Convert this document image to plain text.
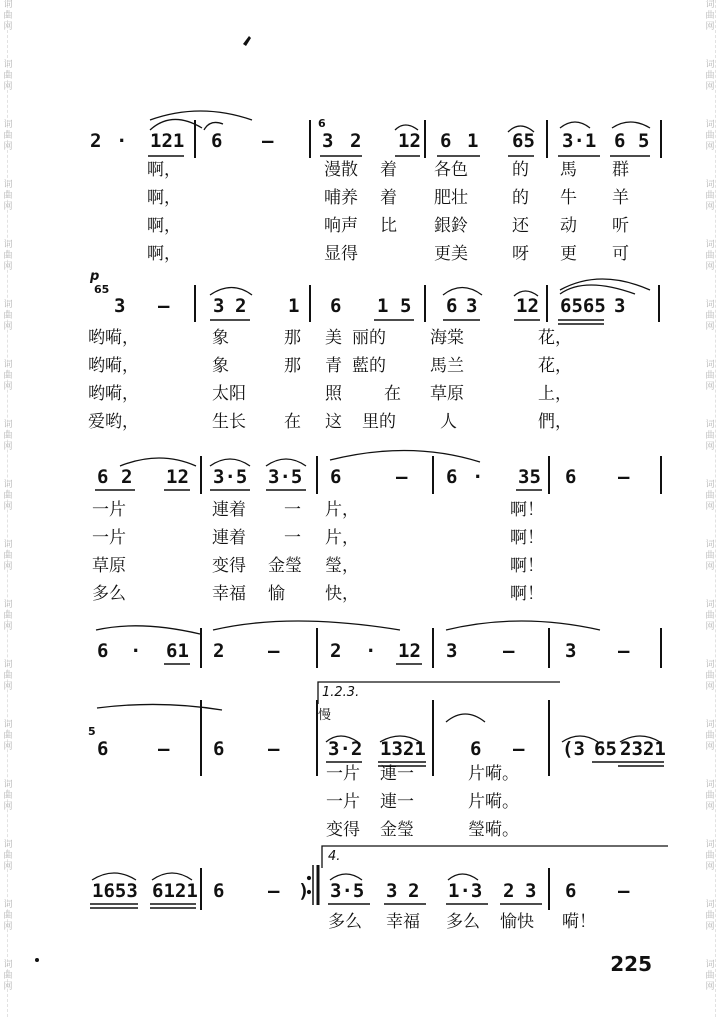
词
曲
网
词
曲
网
词
曲
网
词
曲
网
词
曲
网
词
曲
网
词
曲
网
词
曲
网
词
曲
网
词
曲
网
词
曲
网
词
曲
网
词
曲
网
词
曲
网
词
曲
网
词
曲
网
词
曲
网
词
曲
网
词
曲
网
词
曲
网
词
曲
网
词
曲
网
词
曲
网
词
曲
网
词
曲
网
词
曲
网
词
曲
网
词
曲
网
词
曲
网
词
曲
网
词
曲
网
词
曲
网
词
曲
网
词
曲
网
2 · 121 6 –	3 2 12 6 1 65 3·1 6 5
啊，	漫散 着 各色	的 馬 群
啊，	哺养 着 肥壮	的 牛 羊
啊，	响声 比 銀鈴	还 动 听
啊，	显得	更美	呀 更 可
3 – 3 2 1 6 1 5 6 3 12 6565 3
哟嗬，	象	那 美 丽的	海棠	花，
哟嗬，	象	那 青 藍的	馬兰	花，
哟嗬，	太阳	照 在 草原	上，
爱哟，	生长 在 这 里的	人	們，
6 2 12 3·5 3·5 6	– 6 · 35 6 –
一片	連着 一 片，	啊！
一片	連着 一 片，	啊！
草原	变得 金瑩 瑩，	啊！
多么	幸福 愉 快，	啊！
6 · 61 2 –	2 · 12 3 –	3 –
6	– 6 –	3·2 1321 6 – (3 65 2321
一片 連一	片嗬。
一片 連一	片嗬。
变得 金瑩	瑩嗬。
1653 6121 6 – ) 3·5 3 2 1·3 2 3 6 –
多么 幸福 多么 愉快 嗬！
1.2.3.
4.
慢
p
6
65
5
225
